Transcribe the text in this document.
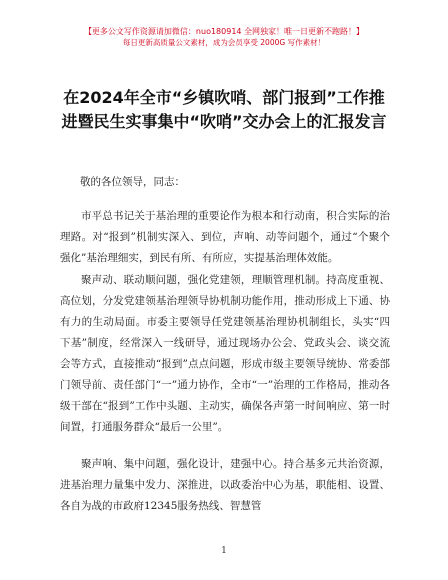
【更多公文写作资源请加微信：nuo180914 全网独家！唯一日更新不跑路！】
每日更新高质量公文素材，成为会员享受 2000G 写作素材！
在2024年全市“乡镇吹哨、部门报到”工作推进暨民生实事集中“吹哨”交办会上的汇报发言
敬的各位领导，同志：

市平总书记关于基治理的重要论作为根本和行动南，积合实际的治理路。对“报到”机制实深入、到位，声响、动等问题个，通过“个聚个强化”基治理细实，到民有所、有所应，实提基治理体效能。

聚声动、联动顺问题，强化党建领，理顺管理机制。持高度重视、高位划，分发党建领基治理领导协机制功能作用，推动形成上下通、协有力的生动局面。市委主要领导任党建领基治理协机制组长，头实“四下基”制度，经常深入一线研导，通过现场办公会、党政头会、谈交流会等方式，直接推动“报到”点点问题，形成市级主要领导统协、常委部门领导前、责任部门“一”通力协作，全市“一”治理的工作格局，推动各级干部在“报到”工作中头题、主动实，确保各声第一时间响应、第一时间置，打通服务群众“最后一公里”。

聚声响、集中问题，强化设计，建强中心。持合基多元共治资源，进基治理力量集中发力、深推进，以政委治中心为基，职能相、设置、各自为战的市政府12345服务热线、智慧管

1
